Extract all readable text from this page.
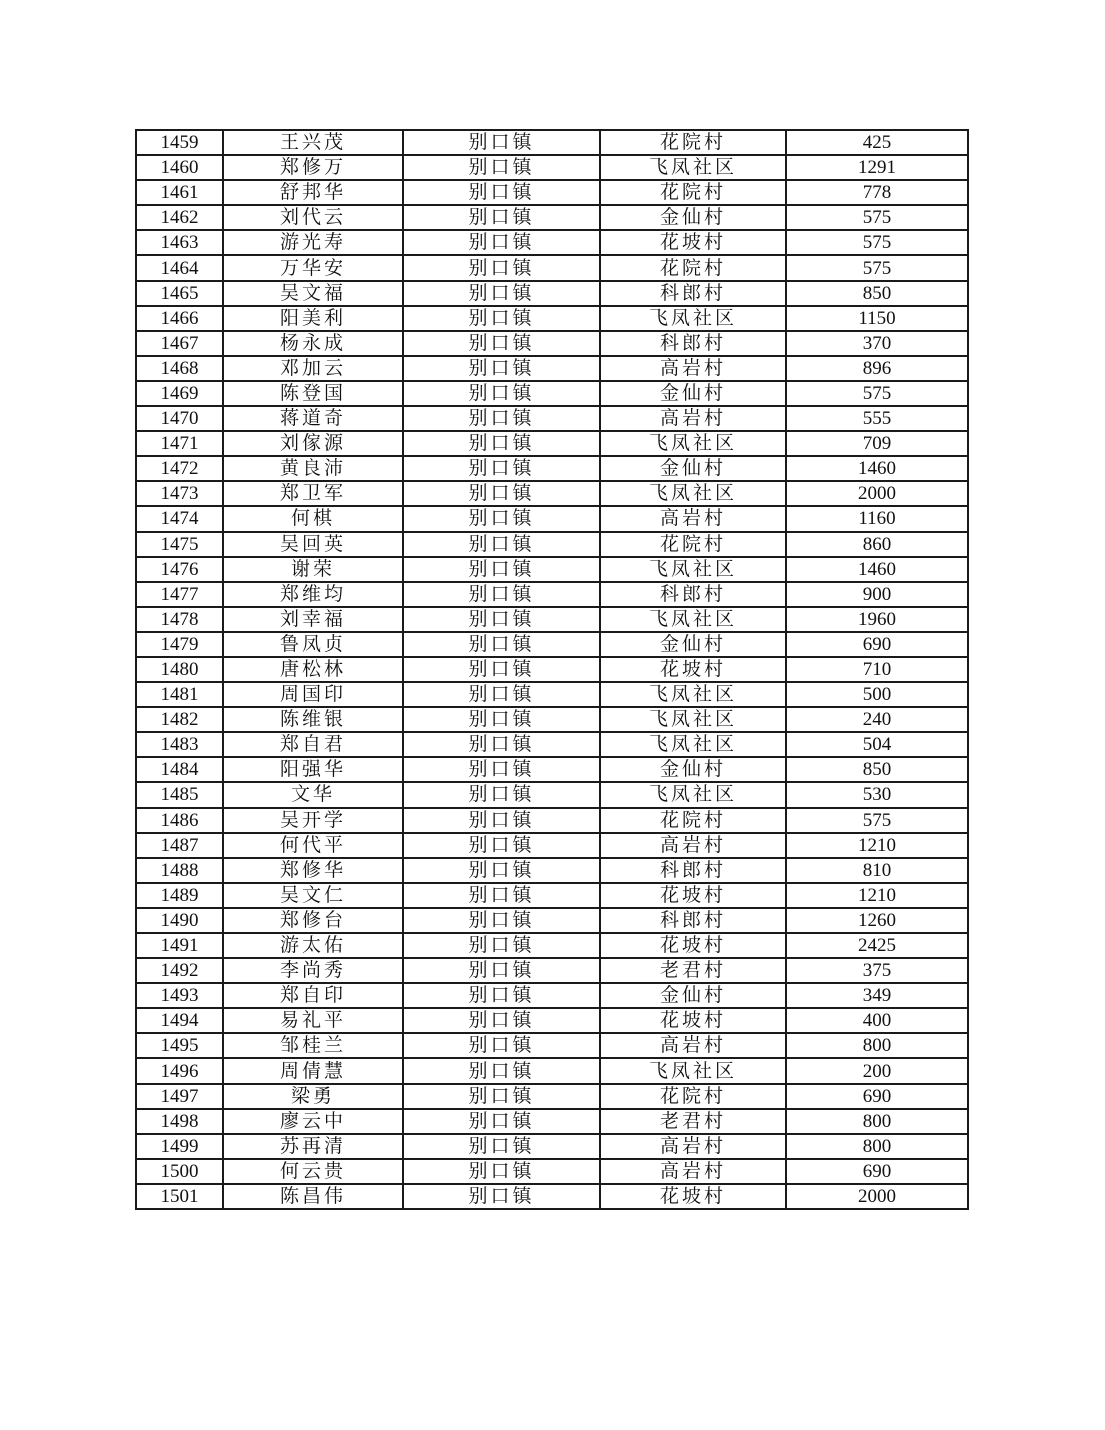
1459	王兴茂	别口镇	花院村	425
1460	郑修万	别口镇	飞凤社区	1291
1461	舒邦华	别口镇	花院村	778
1462	刘代云	别口镇	金仙村	575
1463	游光寿	别口镇	花坡村	575
1464	万华安	别口镇	花院村	575
1465	吴文福	别口镇	科郎村	850
1466	阳美利	别口镇	飞凤社区	1150
1467	杨永成	别口镇	科郎村	370
1468	邓加云	别口镇	高岩村	896
1469	陈登国	别口镇	金仙村	575
1470	蒋道奇	别口镇	高岩村	555
1471	刘傢源	别口镇	飞凤社区	709
1472	黄良沛	别口镇	金仙村	1460
1473	郑卫军	别口镇	飞凤社区	2000
1474	何棋	别口镇	高岩村	1160
1475	吴回英	别口镇	花院村	860
1476	谢荣	别口镇	飞凤社区	1460
1477	郑维均	别口镇	科郎村	900
1478	刘幸福	别口镇	飞凤社区	1960
1479	鲁凤贞	别口镇	金仙村	690
1480	唐松林	别口镇	花坡村	710
1481	周国印	别口镇	飞凤社区	500
1482	陈维银	别口镇	飞凤社区	240
1483	郑自君	别口镇	飞凤社区	504
1484	阳强华	别口镇	金仙村	850
1485	文华	别口镇	飞凤社区	530
1486	吴开学	别口镇	花院村	575
1487	何代平	别口镇	高岩村	1210
1488	郑修华	别口镇	科郎村	810
1489	吴文仁	别口镇	花坡村	1210
1490	郑修台	别口镇	科郎村	1260
1491	游太佑	别口镇	花坡村	2425
1492	李尚秀	别口镇	老君村	375
1493	郑自印	别口镇	金仙村	349
1494	易礼平	别口镇	花坡村	400
1495	邹桂兰	别口镇	高岩村	800
1496	周倩慧	别口镇	飞凤社区	200
1497	梁勇	别口镇	花院村	690
1498	廖云中	别口镇	老君村	800
1499	苏再清	别口镇	高岩村	800
1500	何云贵	别口镇	高岩村	690
1501	陈昌伟	别口镇	花坡村	2000
